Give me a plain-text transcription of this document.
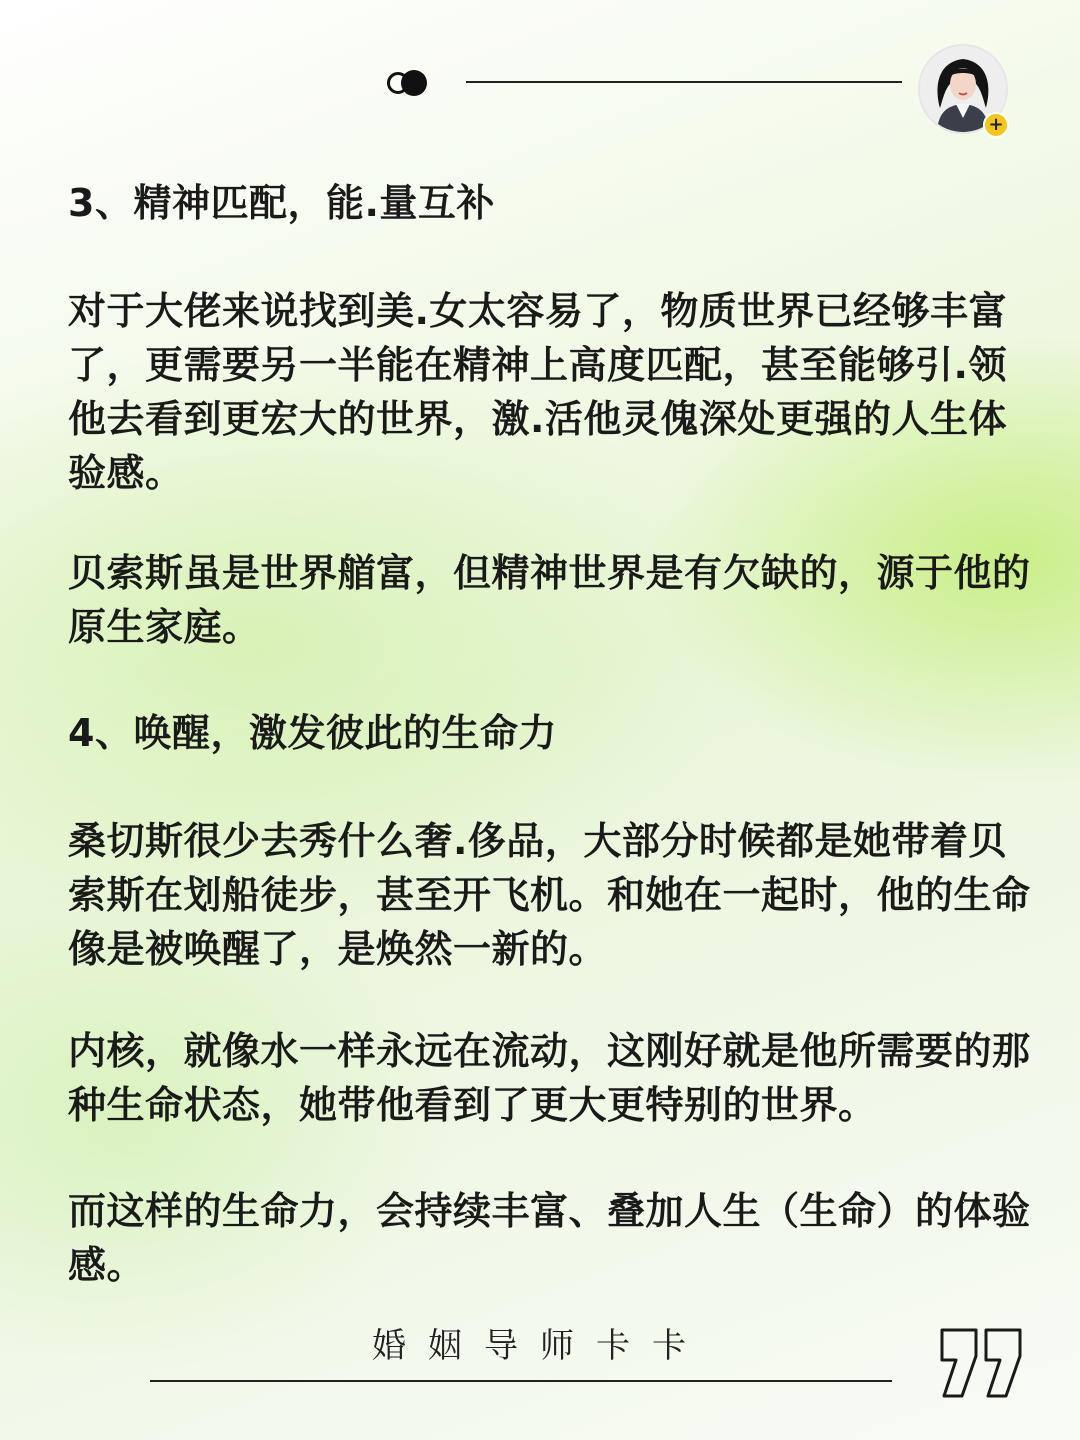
+

3、精神匹配，能.量互补

对于大佬来说找到美.女太容易了，物质世界已经够丰富了，更需要另一半能在精神上高度匹配，甚至能够引.领他去看到更宏大的世界，激.活他灵傀深处更强的人生体验感。

贝索斯虽是世界艏富，但精神世界是有欠缺的，源于他的原生家庭。

4、唤醒，激发彼此的生命力

桑切斯很少去秀什么奢.侈品，大部分时候都是她带着贝索斯在划船徒步，甚至开飞机。和她在一起时，他的生命像是被唤醒了，是焕然一新的。

内核，就像水一样永远在流动，这刚好就是他所需要的那种生命状态，她带他看到了更大更特别的世界。

而这样的生命力，会持续丰富、叠加人生（生命）的体验感。

婚姻导师卡卡
